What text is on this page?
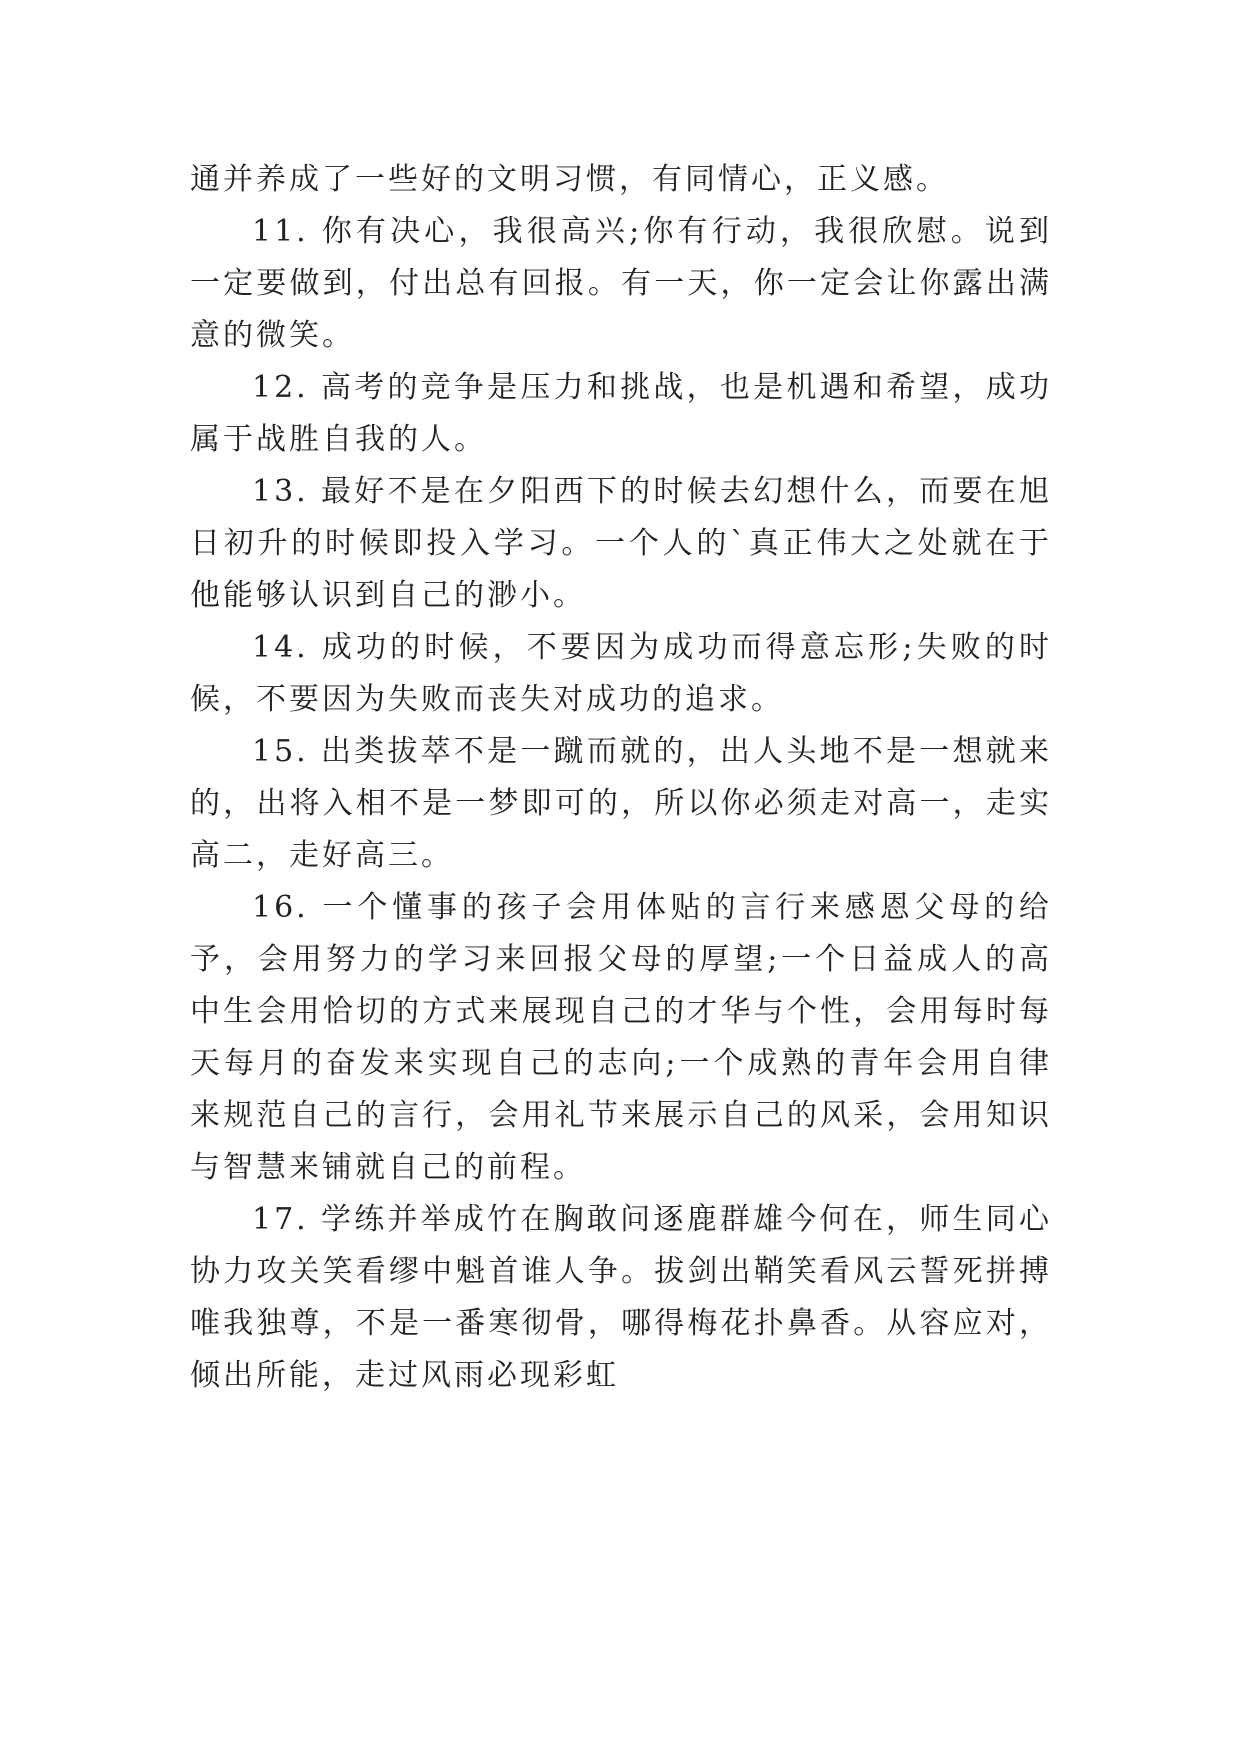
通并养成了一些好的文明习惯，有同情心，正义感。

11. 你有决心，我很高兴;你有行动，我很欣慰。说到一定要做到，付出总有回报。有一天，你一定会让你露出满意的微笑。

12. 高考的竞争是压力和挑战，也是机遇和希望，成功属于战胜自我的人。

13. 最好不是在夕阳西下的时候去幻想什么，而要在旭日初升的时候即投入学习。一个人的`真正伟大之处就在于他能够认识到自己的渺小。

14. 成功的时候，不要因为成功而得意忘形;失败的时候，不要因为失败而丧失对成功的追求。

15. 出类拔萃不是一蹴而就的，出人头地不是一想就来的，出将入相不是一梦即可的，所以你必须走对高一，走实高二，走好高三。

16. 一个懂事的孩子会用体贴的言行来感恩父母的给予，会用努力的学习来回报父母的厚望;一个日益成人的高中生会用恰切的方式来展现自己的才华与个性，会用每时每天每月的奋发来实现自己的志向;一个成熟的青年会用自律来规范自己的言行，会用礼节来展示自己的风采，会用知识与智慧来铺就自己的前程。

17. 学练并举成竹在胸敢问逐鹿群雄今何在，师生同心协力攻关笑看缪中魁首谁人争。拔剑出鞘笑看风云誓死拼搏唯我独尊，不是一番寒彻骨，哪得梅花扑鼻香。从容应对，倾出所能，走过风雨必现彩虹
